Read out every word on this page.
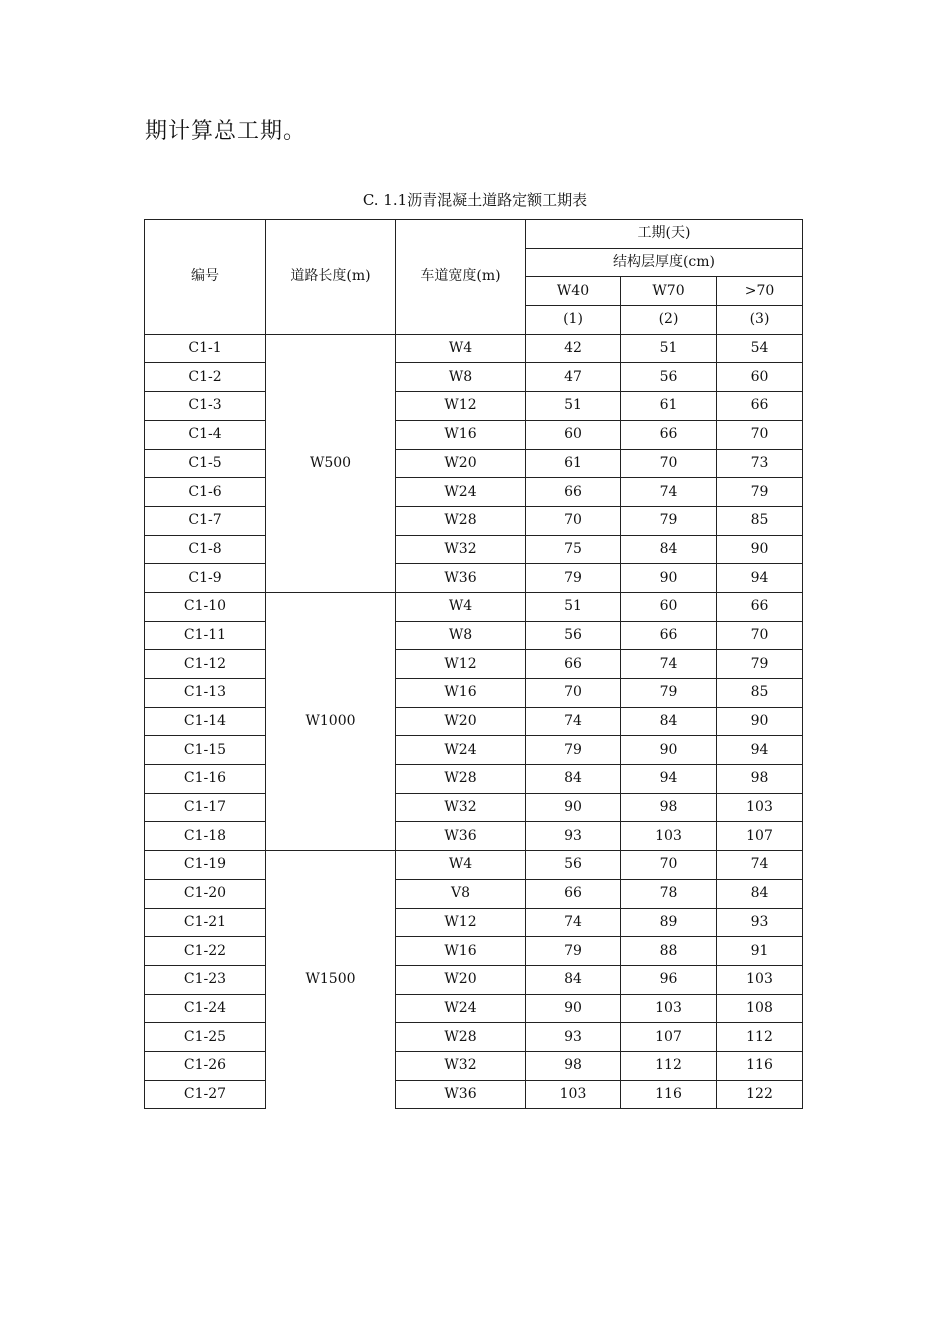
期计算总工期。
C. 1.1沥青混凝土道路定额工期表
编号	道路长度(m)	车道宽度(m)	工期(天)		
			结构层厚度(cm)		
			W40	W70	>70
			(1)	(2)	(3)
C1-1	W500	W4	42	51	54
C1-2		W8	47	56	60
C1-3		W12	51	61	66
C1-4		W16	60	66	70
C1-5		W20	61	70	73
C1-6		W24	66	74	79
C1-7		W28	70	79	85
C1-8		W32	75	84	90
C1-9		W36	79	90	94
C1-10	W1000	W4	51	60	66
C1-11		W8	56	66	70
C1-12		W12	66	74	79
C1-13		W16	70	79	85
C1-14		W20	74	84	90
C1-15		W24	79	90	94
C1-16		W28	84	94	98
C1-17		W32	90	98	103
C1-18		W36	93	103	107
C1-19	W1500	W4	56	70	74
C1-20		V8	66	78	84
C1-21		W12	74	89	93
C1-22		W16	79	88	91
C1-23		W20	84	96	103
C1-24		W24	90	103	108
C1-25		W28	93	107	112
C1-26		W32	98	112	116
C1-27		W36	103	116	122
